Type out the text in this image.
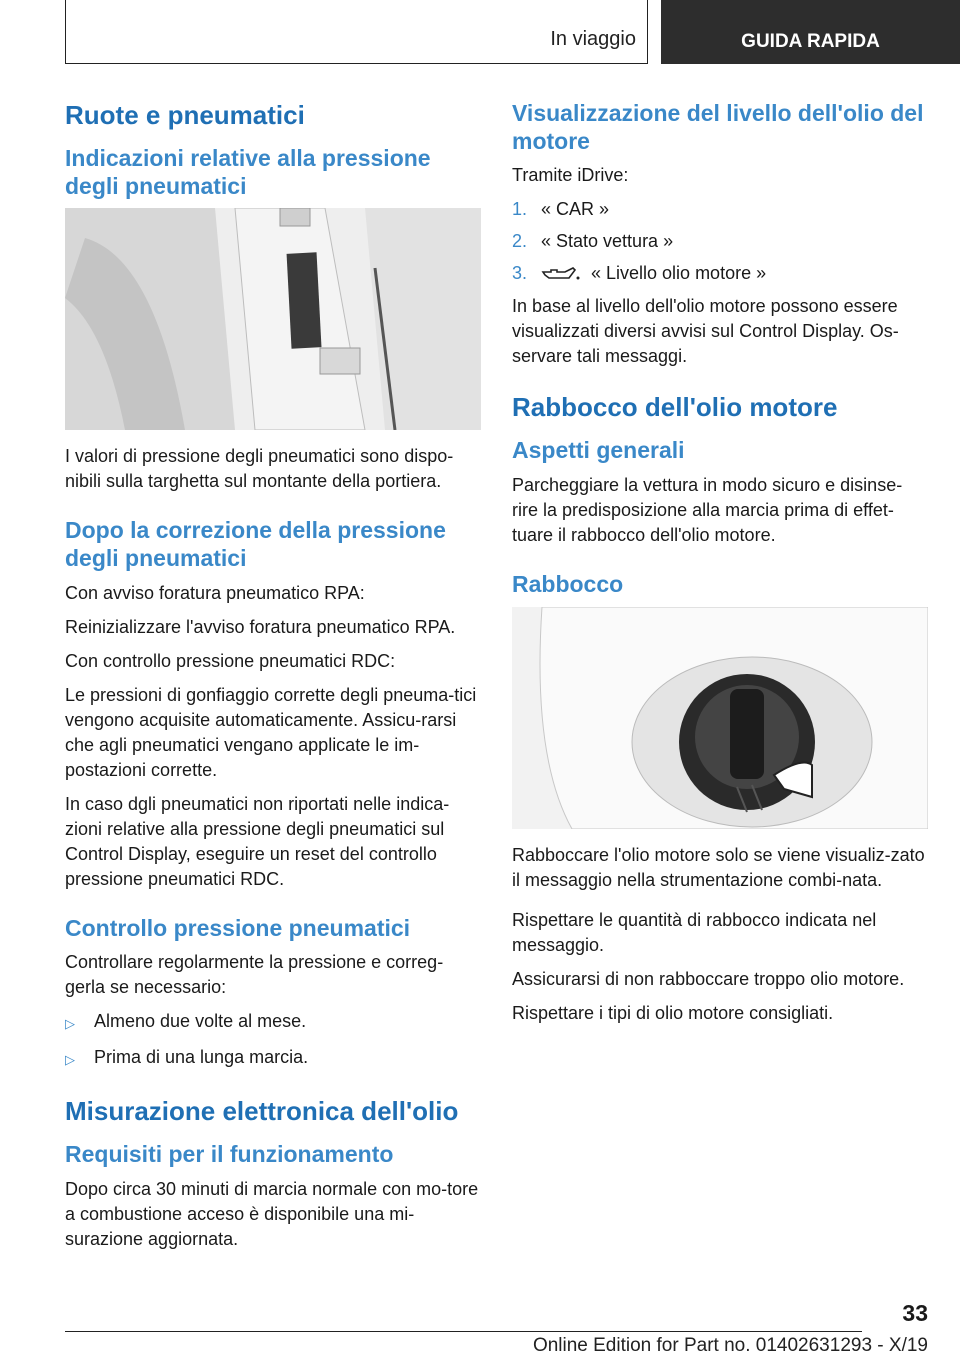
In viaggio	GUIDA RAPIDA
Ruote e pneumatici
Indicazioni relative alla pressione degli pneumatici

I valori di pressione degli pneumatici sono dispo-nibili sulla targhetta sul montante della portiera.

Dopo la correzione della pressione degli pneumatici

Con avviso foratura pneumatico RPA:

Reinizializzare l'avviso foratura pneumatico RPA.

Con controllo pressione pneumatici RDC:

Le pressioni di gonfiaggio corrette degli pneuma-tici vengono acquisite automaticamente. Assicu-rarsi che agli pneumatici vengano applicate le im-postazioni corrette.

In caso dgli pneumatici non riportati nelle indica-zioni relative alla pressione degli pneumatici sul Control Display, eseguire un reset del controllo pressione pneumatici RDC.

Controllo pressione pneumatici

Controllare regolarmente la pressione e correg-gerla se necessario:

▷	Almeno due volte al mese.
▷	Prima di una lunga marcia.
Misurazione elettronica dell'olio
Requisiti per il funzionamento

Dopo circa 30 minuti di marcia normale con mo-tore a combustione acceso è disponibile una mi-surazione aggiornata.

Visualizzazione del livello dell'olio del motore

Tramite iDrive:

1. « CAR »
2. « Stato vettura »
3.	« Livello olio motore »

In base al livello dell'olio motore possono essere visualizzati diversi avvisi sul Control Display. Os-servare tali messaggi.

Rabbocco dell'olio motore
Aspetti generali

Parcheggiare la vettura in modo sicuro e disinse-rire la predisposizione alla marcia prima di effet-tuare il rabbocco dell'olio motore.

Rabbocco

Rabboccare l'olio motore solo se viene visualiz-zato il messaggio nella strumentazione combi-nata.

Rispettare le quantità di rabbocco indicata nel messaggio.

Assicurarsi di non rabboccare troppo olio motore.

Rispettare i tipi di olio motore consigliati.

33
Online Edition for Part no. 01402631293 - X/19
